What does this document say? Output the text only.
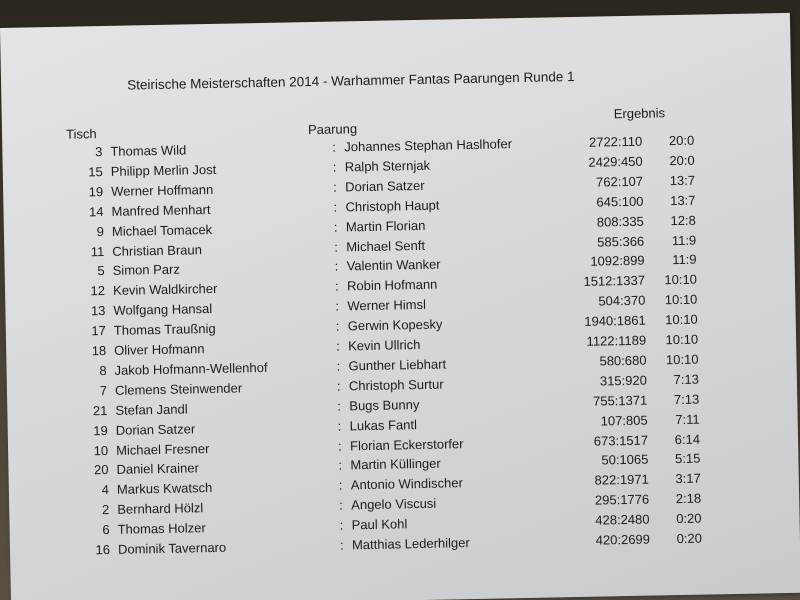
Steirische Meisterschaften 2014 - Warhammer Fantas Paarungen Runde 1
Tisch	Paarung
Ergebnis
3 Thomas Wild	: Johannes Stephan Haslhofer	2722:110	20:0
15 Philipp Merlin Jost	: Ralph Sternjak	2429:450	20:0
19 Werner Hoffmann	: Dorian Satzer	762:107	13:7
14 Manfred Menhart	: Christoph Haupt	645:100	13:7
9 Michael Tomacek	: Martin Florian	808:335	12:8
11 Christian Braun	: Michael Senft	585:366	11:9
5 Simon Parz	: Valentin Wanker	1092:899	11:9
12 Kevin Waldkircher	: Robin Hofmann	1512:1337	10:10
13 Wolfgang Hansal	: Werner Himsl	504:370	10:10
17 Thomas Traußnig	: Gerwin Kopesky	1940:1861	10:10
18 Oliver Hofmann	: Kevin Ullrich	1122:1189	10:10
8 Jakob Hofmann-Wellenhof	: Gunther Liebhart	580:680	10:10
7 Clemens Steinwender	: Christoph Surtur	315:920	7:13
21 Stefan Jandl	: Bugs Bunny	755:1371	7:13
19 Dorian Satzer	: Lukas Fantl	107:805	7:11
10 Michael Fresner	: Florian Eckerstorfer	673:1517	6:14
20 Daniel Krainer	: Martin Küllinger	50:1065	5:15
4 Markus Kwatsch	: Antonio Windischer	822:1971	3:17
2 Bernhard Hölzl	: Angelo Viscusi	295:1776	2:18
6 Thomas Holzer	: Paul Kohl	428:2480	0:20
16 Dominik Tavernaro	: Matthias Lederhilger	420:2699	0:20
